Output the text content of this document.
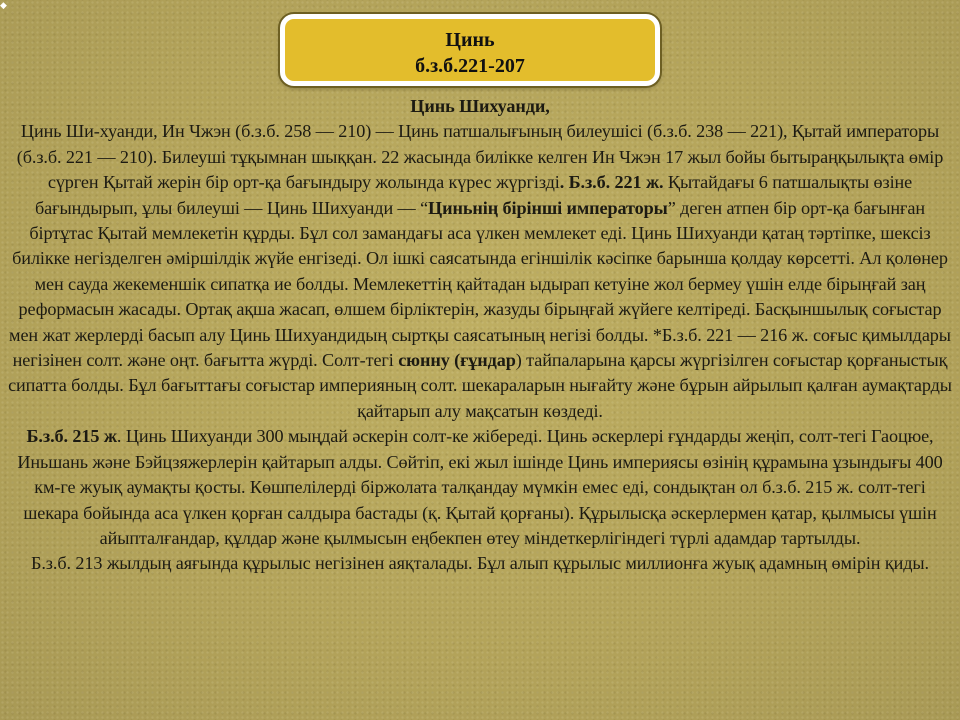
◆
Цинь
б.з.б.221-207

Цинь Шихуанди,

Цинь Ши-хуанди, Ин Чжэн (б.з.б. 258 — 210) — Цинь патшалығының билеушісі (б.з.б. 238 — 221), Қытай императоры (б.з.б. 221 — 210). Билеуші тұқымнан шыққан. 22 жасында билікке келген Ин Чжэн 17 жыл бойы бытыраңқылықта өмір сүрген Қытай жерін бір орт-қа бағындыру жолында күрес жүргізді. Б.з.б. 221 ж. Қытайдағы 6 патшалықты өзіне бағындырып, ұлы билеуші — Цинь Шихуанди — “Циньнің бірінші императоры” деген атпен бір орт-қа бағынған біртұтас Қытай мемлекетін құрды. Бұл сол замандағы аса үлкен мемлекет еді. Цинь Шихуанди қатаң тәртіпке, шексіз билікке негізделген әміршілдік жүйе енгізеді. Ол ішкі саясатында егіншілік кәсіпке барынша қолдау көрсетті. Ал қолөнер мен сауда жекеменшік сипатқа ие болды. Мемлекеттің қайтадан ыдырап кетуіне жол бермеу үшін елде бірыңғай заң реформасын жасады. Ортақ ақша жасап, өлшем бірліктерін, жазуды бірыңғай жүйеге келтіреді. Басқыншылық соғыстар мен жат жерлерді басып алу Цинь Шихуандидың сыртқы саясатының негізі болды. *Б.з.б. 221 — 216 ж. соғыс қимылдары негізінен солт. және оңт. бағытта жүрді. Солт-тегі сюнну (ғұндар) тайпаларына қарсы жүргізілген соғыстар қорғаныстық сипатта болды. Бұл бағыттағы соғыстар империяның солт. шекараларын нығайту және бұрын айрылып қалған аумақтарды қайтарып алу мақсатын көздеді.

Б.з.б. 215 ж. Цинь Шихуанди 300 мыңдай әскерін солт-ке жібереді. Цинь әскерлері ғұндарды жеңіп, солт-тегі Гаоцюе, Иньшань және Бэйцзяжерлерін қайтарып алды. Сөйтіп, екі жыл ішінде Цинь империясы өзінің құрамына ұзындығы 400 км-ге жуық аумақты қосты. Көшпелілерді біржолата талқандау мүмкін емес еді, сондықтан ол б.з.б. 215 ж. солт-тегі шекара бойында аса үлкен қорған салдыра бастады (қ. Қытай қорғаны). Құрылысқа әскерлермен қатар, қылмысы үшін айыпталғандар, құлдар және қылмысын еңбекпен өтеу міндеткерлігіндегі түрлі адамдар тартылды.

Б.з.б. 213 жылдың аяғында құрылыс негізінен аяқталады. Бұл алып құрылыс миллионға жуық адамның өмірін қиды.
